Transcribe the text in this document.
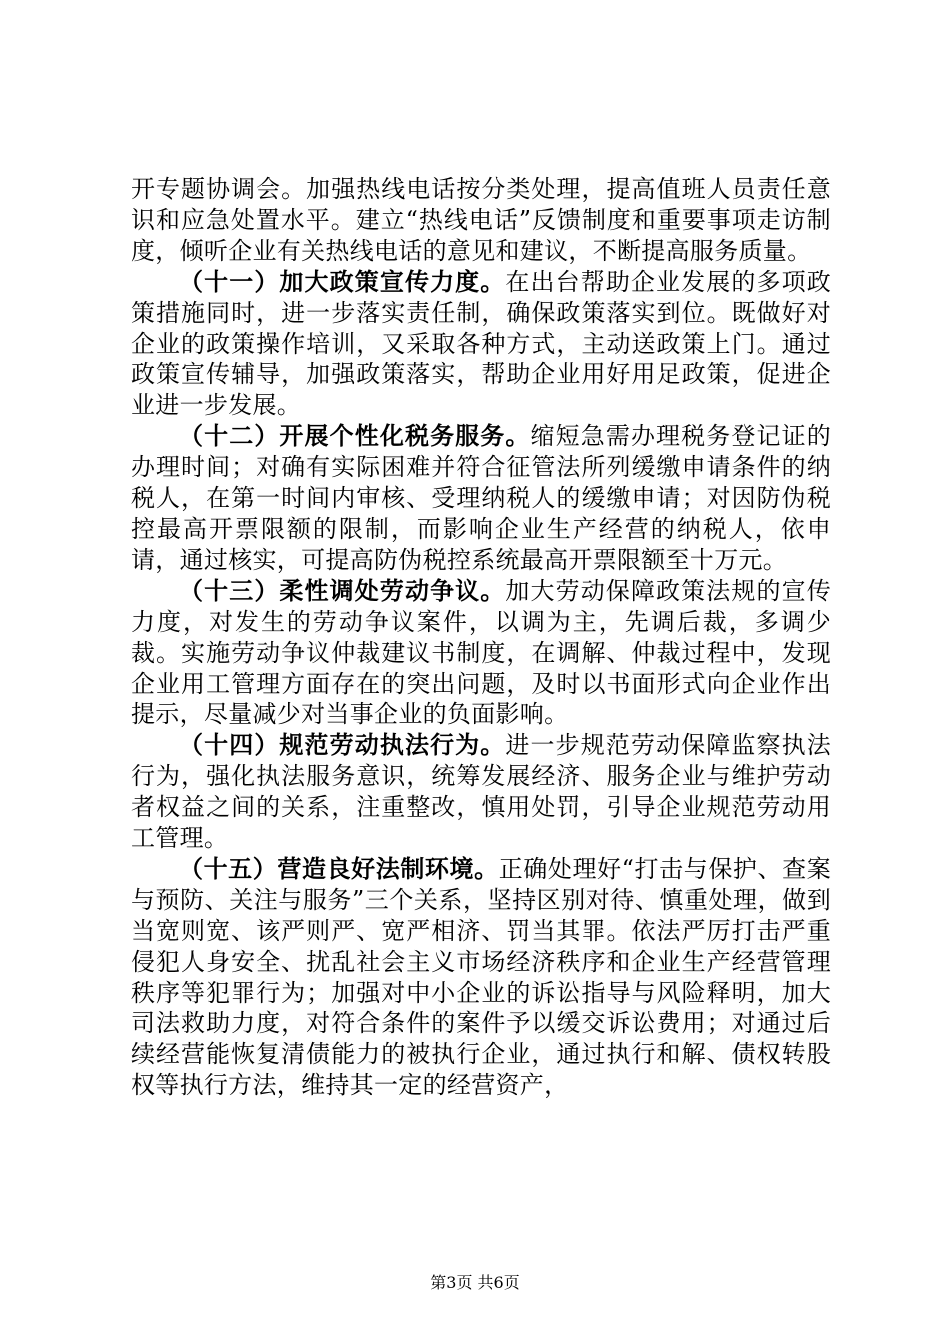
开专题协调会。加强热线电话按分类处理，提高值班人员责任意识和应急处置水平。建立“热线电话”反馈制度和重要事项走访制度，倾听企业有关热线电话的意见和建议，不断提高服务质量。

（十一）加大政策宣传力度。在出台帮助企业发展的多项政策措施同时，进一步落实责任制，确保政策落实到位。既做好对企业的政策操作培训，又采取各种方式，主动送政策上门。通过政策宣传辅导，加强政策落实，帮助企业用好用足政策，促进企业进一步发展。

（十二）开展个性化税务服务。缩短急需办理税务登记证的办理时间；对确有实际困难并符合征管法所列缓缴申请条件的纳税人，在第一时间内审核、受理纳税人的缓缴申请；对因防伪税控最高开票限额的限制，而影响企业生产经营的纳税人，依申请，通过核实，可提高防伪税控系统最高开票限额至十万元。

（十三）柔性调处劳动争议。加大劳动保障政策法规的宣传力度，对发生的劳动争议案件，以调为主，先调后裁，多调少裁。实施劳动争议仲裁建议书制度，在调解、仲裁过程中，发现企业用工管理方面存在的突出问题，及时以书面形式向企业作出提示，尽量减少对当事企业的负面影响。

（十四）规范劳动执法行为。进一步规范劳动保障监察执法行为，强化执法服务意识，统筹发展经济、服务企业与维护劳动者权益之间的关系，注重整改，慎用处罚，引导企业规范劳动用工管理。

（十五）营造良好法制环境。正确处理好“打击与保护、查案与预防、关注与服务”三个关系，坚持区别对待、慎重处理，做到当宽则宽、该严则严、宽严相济、罚当其罪。依法严厉打击严重侵犯人身安全、扰乱社会主义市场经济秩序和企业生产经营管理秩序等犯罪行为；加强对中小企业的诉讼指导与风险释明，加大司法救助力度，对符合条件的案件予以缓交诉讼费用；对通过后续经营能恢复清债能力的被执行企业，通过执行和解、债权转股权等执行方法，维持其一定的经营资产，

第3页 共6页
